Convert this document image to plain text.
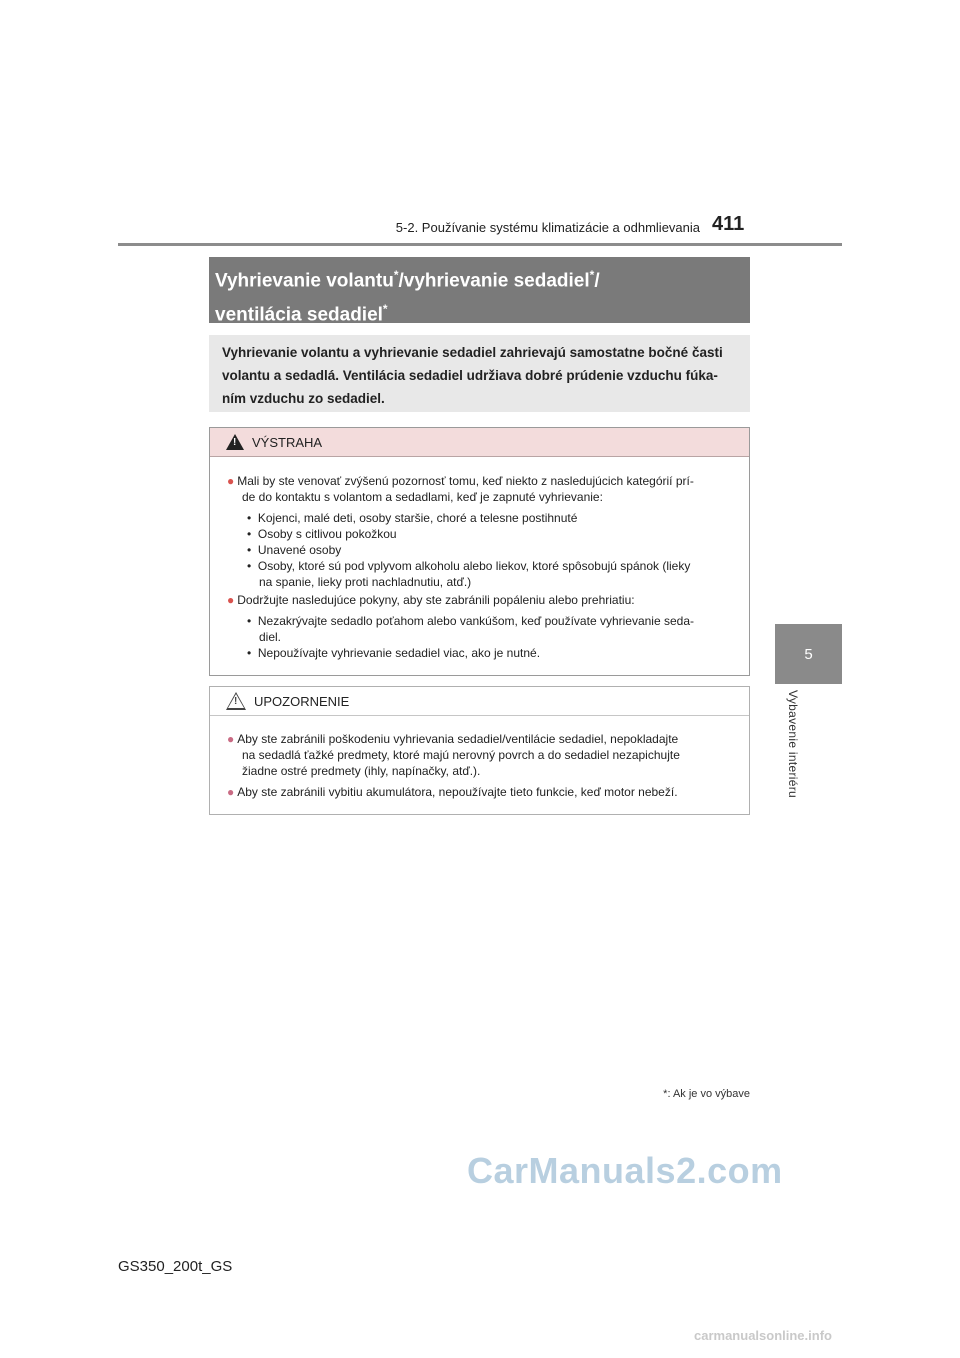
5-2. Používanie systému klimatizácie a odhmlievania 411
5
Vybavenie interiéru
Vyhrievanie volantu*/vyhrievanie sedadiel*/
ventilácia sedadiel*
Vyhrievanie volantu a vyhrievanie sedadiel zahrievajú samostatne bočné časti volantu a sedadlá. Ventilácia sedadiel udržiava dobré prúdenie vzduchu fúka-ním vzduchu zo sedadiel.
! VÝSTRAHA
● Mali by ste venovať zvýšenú pozornosť tomu, keď niekto z nasledujúcich kategórií prí-
de do kontaktu s volantom a sedadlami, keď je zapnuté vyhrievanie:
• Kojenci, malé deti, osoby staršie, choré a telesne postihnuté
• Osoby s citlivou pokožkou
• Unavené osoby
• Osoby, ktoré sú pod vplyvom alkoholu alebo liekov, ktoré spôsobujú spánok (lieky
na spanie, lieky proti nachladnutiu, atď.)
● Dodržujte nasledujúce pokyny, aby ste zabránili popáleniu alebo prehriatiu:
• Nezakrývajte sedadlo poťahom alebo vankúšom, keď používate vyhrievanie seda-
diel.
• Nepoužívajte vyhrievanie sedadiel viac, ako je nutné.
! UPOZORNENIE
● Aby ste zabránili poškodeniu vyhrievania sedadiel/ventilácie sedadiel, nepokladajte
na sedadlá ťažké predmety, ktoré majú nerovný povrch a do sedadiel nezapichujte
žiadne ostré predmety (ihly, napínačky, atď.).
● Aby ste zabránili vybitiu akumulátora, nepoužívajte tieto funkcie, keď motor nebeží.
*: Ak je vo výbave
CarManuals2.com
GS350_200t_GS
carmanualsonline.info
